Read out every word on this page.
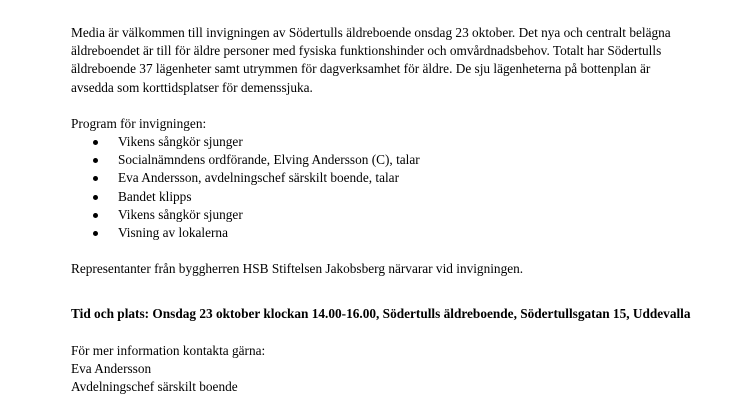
Media är välkommen till invigningen av Södertulls äldreboende onsdag 23 oktober. Det nya och centralt belägna äldreboendet är till för äldre personer med fysiska funktionshinder och omvårdnadsbehov. Totalt har Södertulls äldreboende 37 lägenheter samt utrymmen för dagverksamhet för äldre. De sju lägenheterna på bottenplan är avsedda som korttidsplatser för demenssjuka.

Program för invigningen:

Vikens sångkör sjunger
Socialnämndens ordförande, Elving Andersson (C), talar
Eva Andersson, avdelningschef särskilt boende, talar
Bandet klipps
Vikens sångkör sjunger
Visning av lokalerna

Representanter från byggherren HSB Stiftelsen Jakobsberg närvarar vid invigningen.

Tid och plats: Onsdag 23 oktober klockan 14.00-16.00, Södertulls äldreboende, Södertullsgatan 15, Uddevalla

För mer information kontakta gärna:

Eva Andersson

Avdelningschef särskilt boende
